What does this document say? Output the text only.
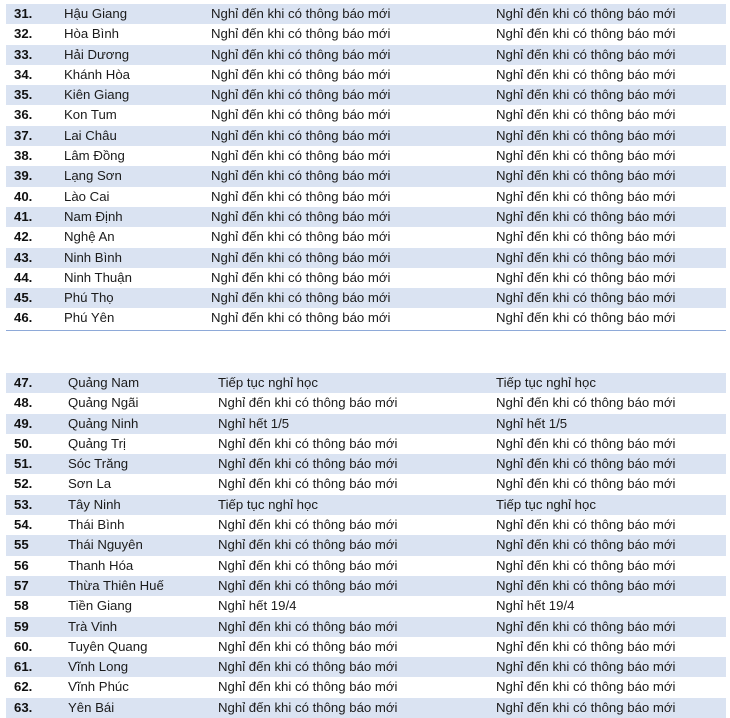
31. Hậu Giang	Nghỉ đến khi có thông báo mới	Nghỉ đến khi có thông báo mới
32. Hòa Bình	Nghỉ đến khi có thông báo mới	Nghỉ đến khi có thông báo mới
33. Hải Dương	Nghỉ đến khi có thông báo mới	Nghỉ đến khi có thông báo mới
34. Khánh Hòa	Nghỉ đến khi có thông báo mới	Nghỉ đến khi có thông báo mới
35. Kiên Giang	Nghỉ đến khi có thông báo mới	Nghỉ đến khi có thông báo mới
36. Kon Tum	Nghỉ đến khi có thông báo mới	Nghỉ đến khi có thông báo mới
37. Lai Châu	Nghỉ đến khi có thông báo mới	Nghỉ đến khi có thông báo mới
38. Lâm Đồng	Nghỉ đến khi có thông báo mới	Nghỉ đến khi có thông báo mới
39. Lạng Sơn	Nghỉ đến khi có thông báo mới	Nghỉ đến khi có thông báo mới
40. Lào Cai	Nghỉ đến khi có thông báo mới	Nghỉ đến khi có thông báo mới
41. Nam Định	Nghỉ đến khi có thông báo mới	Nghỉ đến khi có thông báo mới
42. Nghệ An	Nghỉ đến khi có thông báo mới	Nghỉ đến khi có thông báo mới
43. Ninh Bình	Nghỉ đến khi có thông báo mới	Nghỉ đến khi có thông báo mới
44. Ninh Thuận	Nghỉ đến khi có thông báo mới	Nghỉ đến khi có thông báo mới
45. Phú Thọ	Nghỉ đến khi có thông báo mới	Nghỉ đến khi có thông báo mới
46. Phú Yên	Nghỉ đến khi có thông báo mới	Nghỉ đến khi có thông báo mới
47.	Quảng Nam	Tiếp tục nghỉ học	Tiếp tục nghỉ học
48.	Quảng Ngãi	Nghỉ đến khi có thông báo mới	Nghỉ đến khi có thông báo mới
49.	Quảng Ninh	Nghỉ hết 1/5	Nghỉ hết 1/5
50.	Quảng Trị	Nghỉ đến khi có thông báo mới	Nghỉ đến khi có thông báo mới
51.	Sóc Trăng	Nghỉ đến khi có thông báo mới	Nghỉ đến khi có thông báo mới
52.	Sơn La	Nghỉ đến khi có thông báo mới	Nghỉ đến khi có thông báo mới
53.	Tây Ninh	Tiếp tục nghỉ học	Tiếp tục nghỉ học
54.	Thái Bình	Nghỉ đến khi có thông báo mới	Nghỉ đến khi có thông báo mới
55	Thái Nguyên	Nghỉ đến khi có thông báo mới	Nghỉ đến khi có thông báo mới
56	Thanh Hóa	Nghỉ đến khi có thông báo mới	Nghỉ đến khi có thông báo mới
57	Thừa Thiên Huế	Nghỉ đến khi có thông báo mới	Nghỉ đến khi có thông báo mới
58	Tiền Giang	Nghỉ hết 19/4	Nghỉ hết 19/4
59	Trà Vinh	Nghỉ đến khi có thông báo mới	Nghỉ đến khi có thông báo mới
60.	Tuyên Quang	Nghỉ đến khi có thông báo mới	Nghỉ đến khi có thông báo mới
61.	Vĩnh Long	Nghỉ đến khi có thông báo mới	Nghỉ đến khi có thông báo mới
62.	Vĩnh Phúc	Nghỉ đến khi có thông báo mới	Nghỉ đến khi có thông báo mới
63.	Yên Bái	Nghỉ đến khi có thông báo mới	Nghỉ đến khi có thông báo mới
